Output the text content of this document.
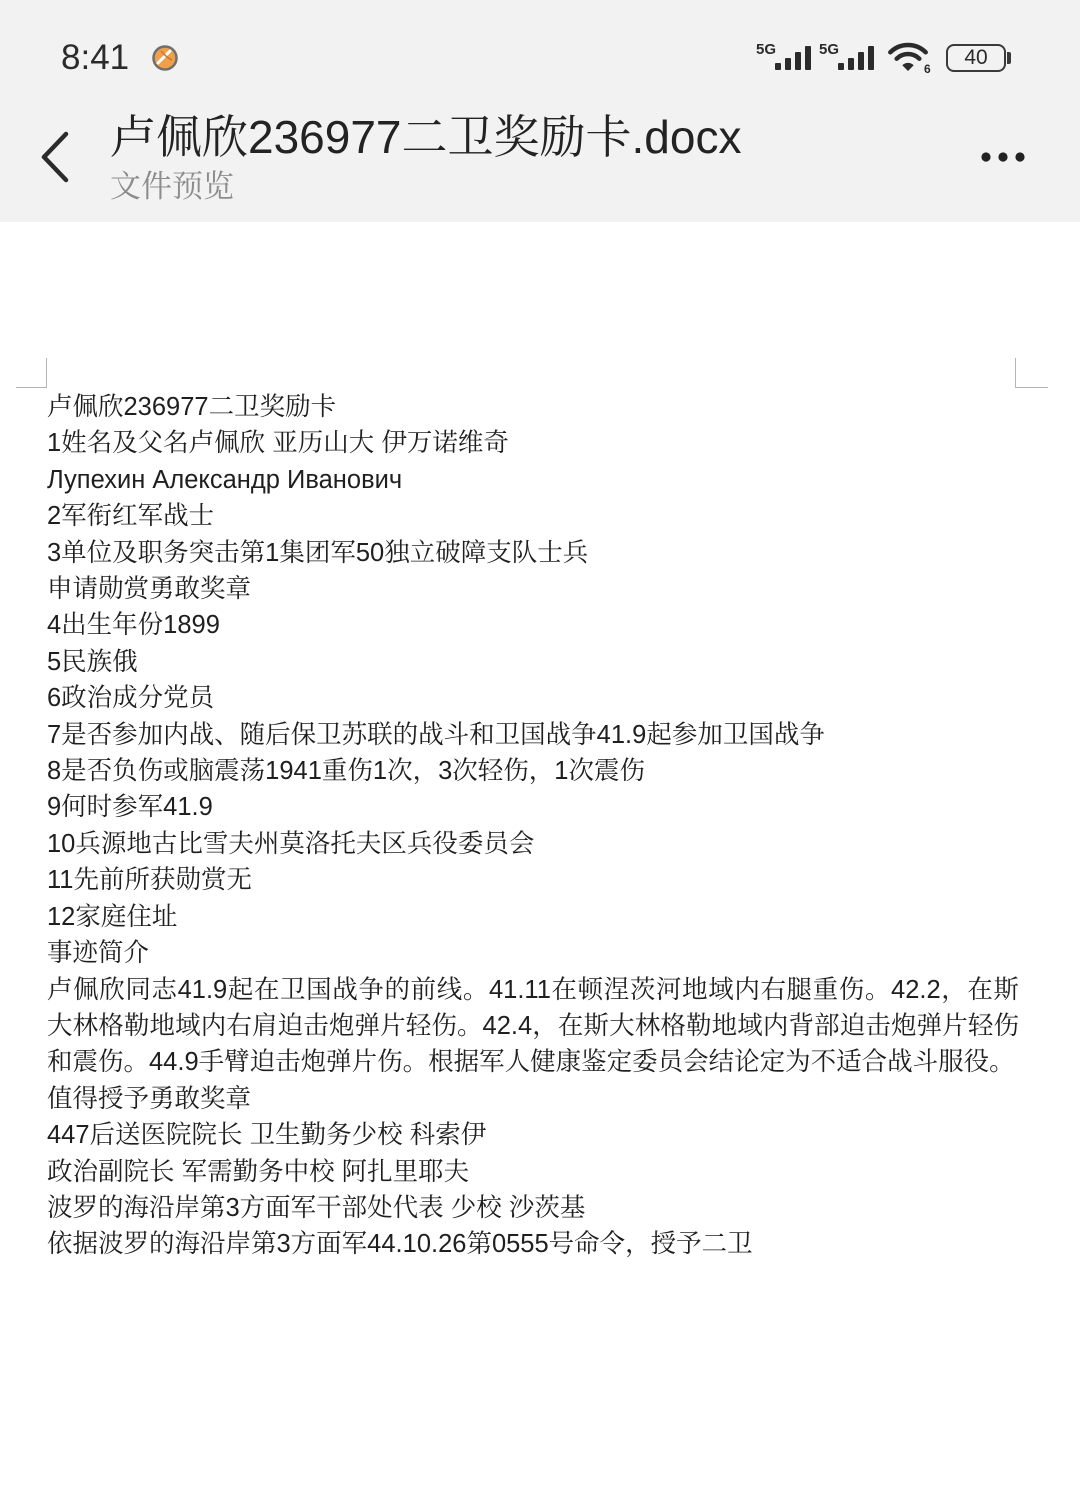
8:41	5G	5G
6	40
卢佩欣236977二卫奖励卡.docx
文件预览
卢佩欣236977二卫奖励卡
1姓名及父名卢佩欣 亚历山大 伊万诺维奇
Лупехин Александр Иванович
2军衔红军战士
3单位及职务突击第1集团军50独立破障支队士兵
申请勋赏勇敢奖章
4出生年份1899
5民族俄
6政治成分党员
7是否参加内战、随后保卫苏联的战斗和卫国战争41.9起参加卫国战争
8是否负伤或脑震荡1941重伤1次，3次轻伤，1次震伤
9何时参军41.9
10兵源地古比雪夫州莫洛托夫区兵役委员会
11先前所获勋赏无
12家庭住址
事迹简介
卢佩欣同志41.9起在卫国战争的前线。41.11在顿涅茨河地域内右腿重伤。42.2，在斯大林格勒地域内右肩迫击炮弹片轻伤。42.4，在斯大林格勒地域内背部迫击炮弹片轻伤和震伤。44.9手臂迫击炮弹片伤。根据军人健康鉴定委员会结论定为不适合战斗服役。
值得授予勇敢奖章
447后送医院院长 卫生勤务少校 科索伊
政治副院长 军需勤务中校 阿扎里耶夫
波罗的海沿岸第3方面军干部处代表 少校 沙茨基
依据波罗的海沿岸第3方面军44.10.26第0555号命令，授予二卫
